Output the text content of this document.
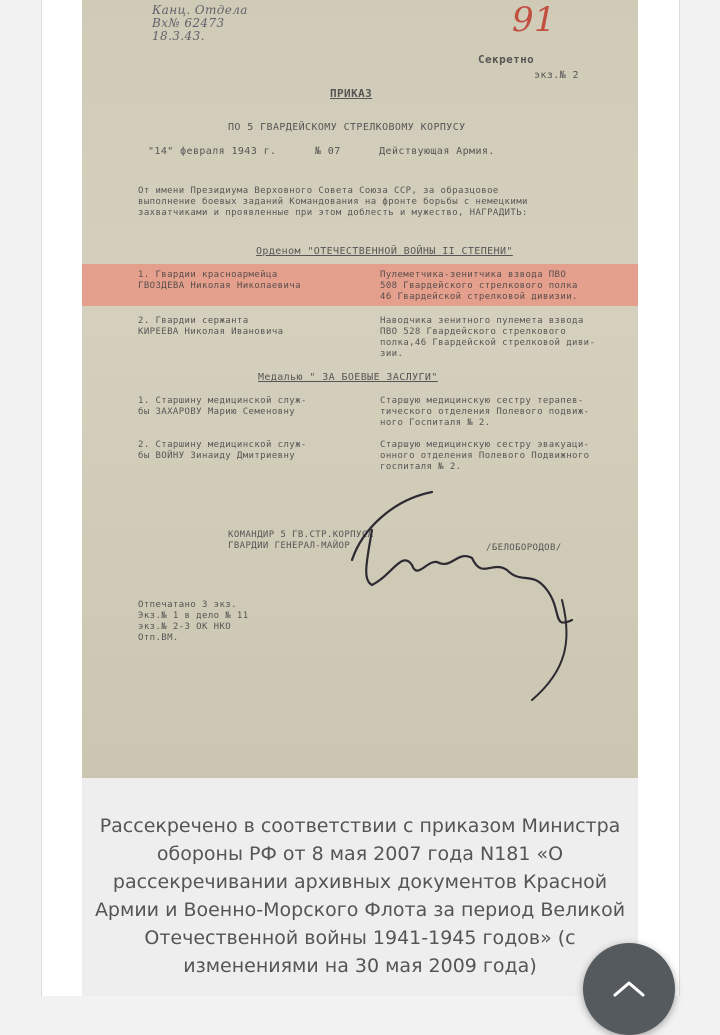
Канц. Отдела
Вх№ 62473
18.3.43.	91
Секретно
экз.№ 2
ПРИКАЗ
ПО 5 ГВАРДЕЙСКОМУ СТРЕЛКОВОМУ КОРПУСУ
"14" февраля 1943 г.      № 07      Действующая Армия.
От имени Президиума Верховного Совета Союза ССР, за образцовое
выполнение боевых заданий Командования на фронте борьбы с немецкими
захватчиками и проявленные при этом доблесть и мужество, НАГРАДИТЬ:
Орденом "ОТЕЧЕСТВЕННОЙ ВОЙНЫ II СТЕПЕНИ"
1. Гвардии красноармейца
ГВОЗДЕВА Николая Николаевича
Пулеметчика-зенитчика взвода ПВО
508 Гвардейского стрелкового полка
46 Гвардейской стрелковой дивизии.
2. Гвардии сержанта
КИРЕЕВА Николая Ивановича
Наводчика зенитного пулемета взвода
ПВО 528 Гвардейского стрелкового
полка,46 Гвардейской стрелковой диви-
зии.
Медалью " ЗА БОЕВЫЕ ЗАСЛУГИ"
1. Старшину медицинской служ-
бы ЗАХАРОВУ Марию Семеновну
Старшую медицинскую сестру терапев-
тического отделения Полевого подвиж-
ного Госпиталя № 2.
2. Старшину медицинской служ-
бы ВОЙНУ Зинаиду Дмитриевну
Старшую медицинскую сестру эвакуаци-
онного отделения Полевого Подвижного
госпиталя № 2.
КОМАНДИР 5 ГВ.СТР.КОРПУСА
ГВАРДИИ ГЕНЕРАЛ-МАЙОР	/БЕЛОБОРОДОВ/
Отпечатано 3 экз.
Экз.№ 1 в дело № 11
экз.№ 2-3 ОК НКО
Отп.ВМ.

Рассекречено в соответствии с приказом Министра обороны РФ от 8 мая 2007 года N181 «О рассекречивании архивных документов Красной Армии и Военно-Морского Флота за период Великой Отечественной войны 1941-1945 годов» (с изменениями на 30 мая 2009 года)
